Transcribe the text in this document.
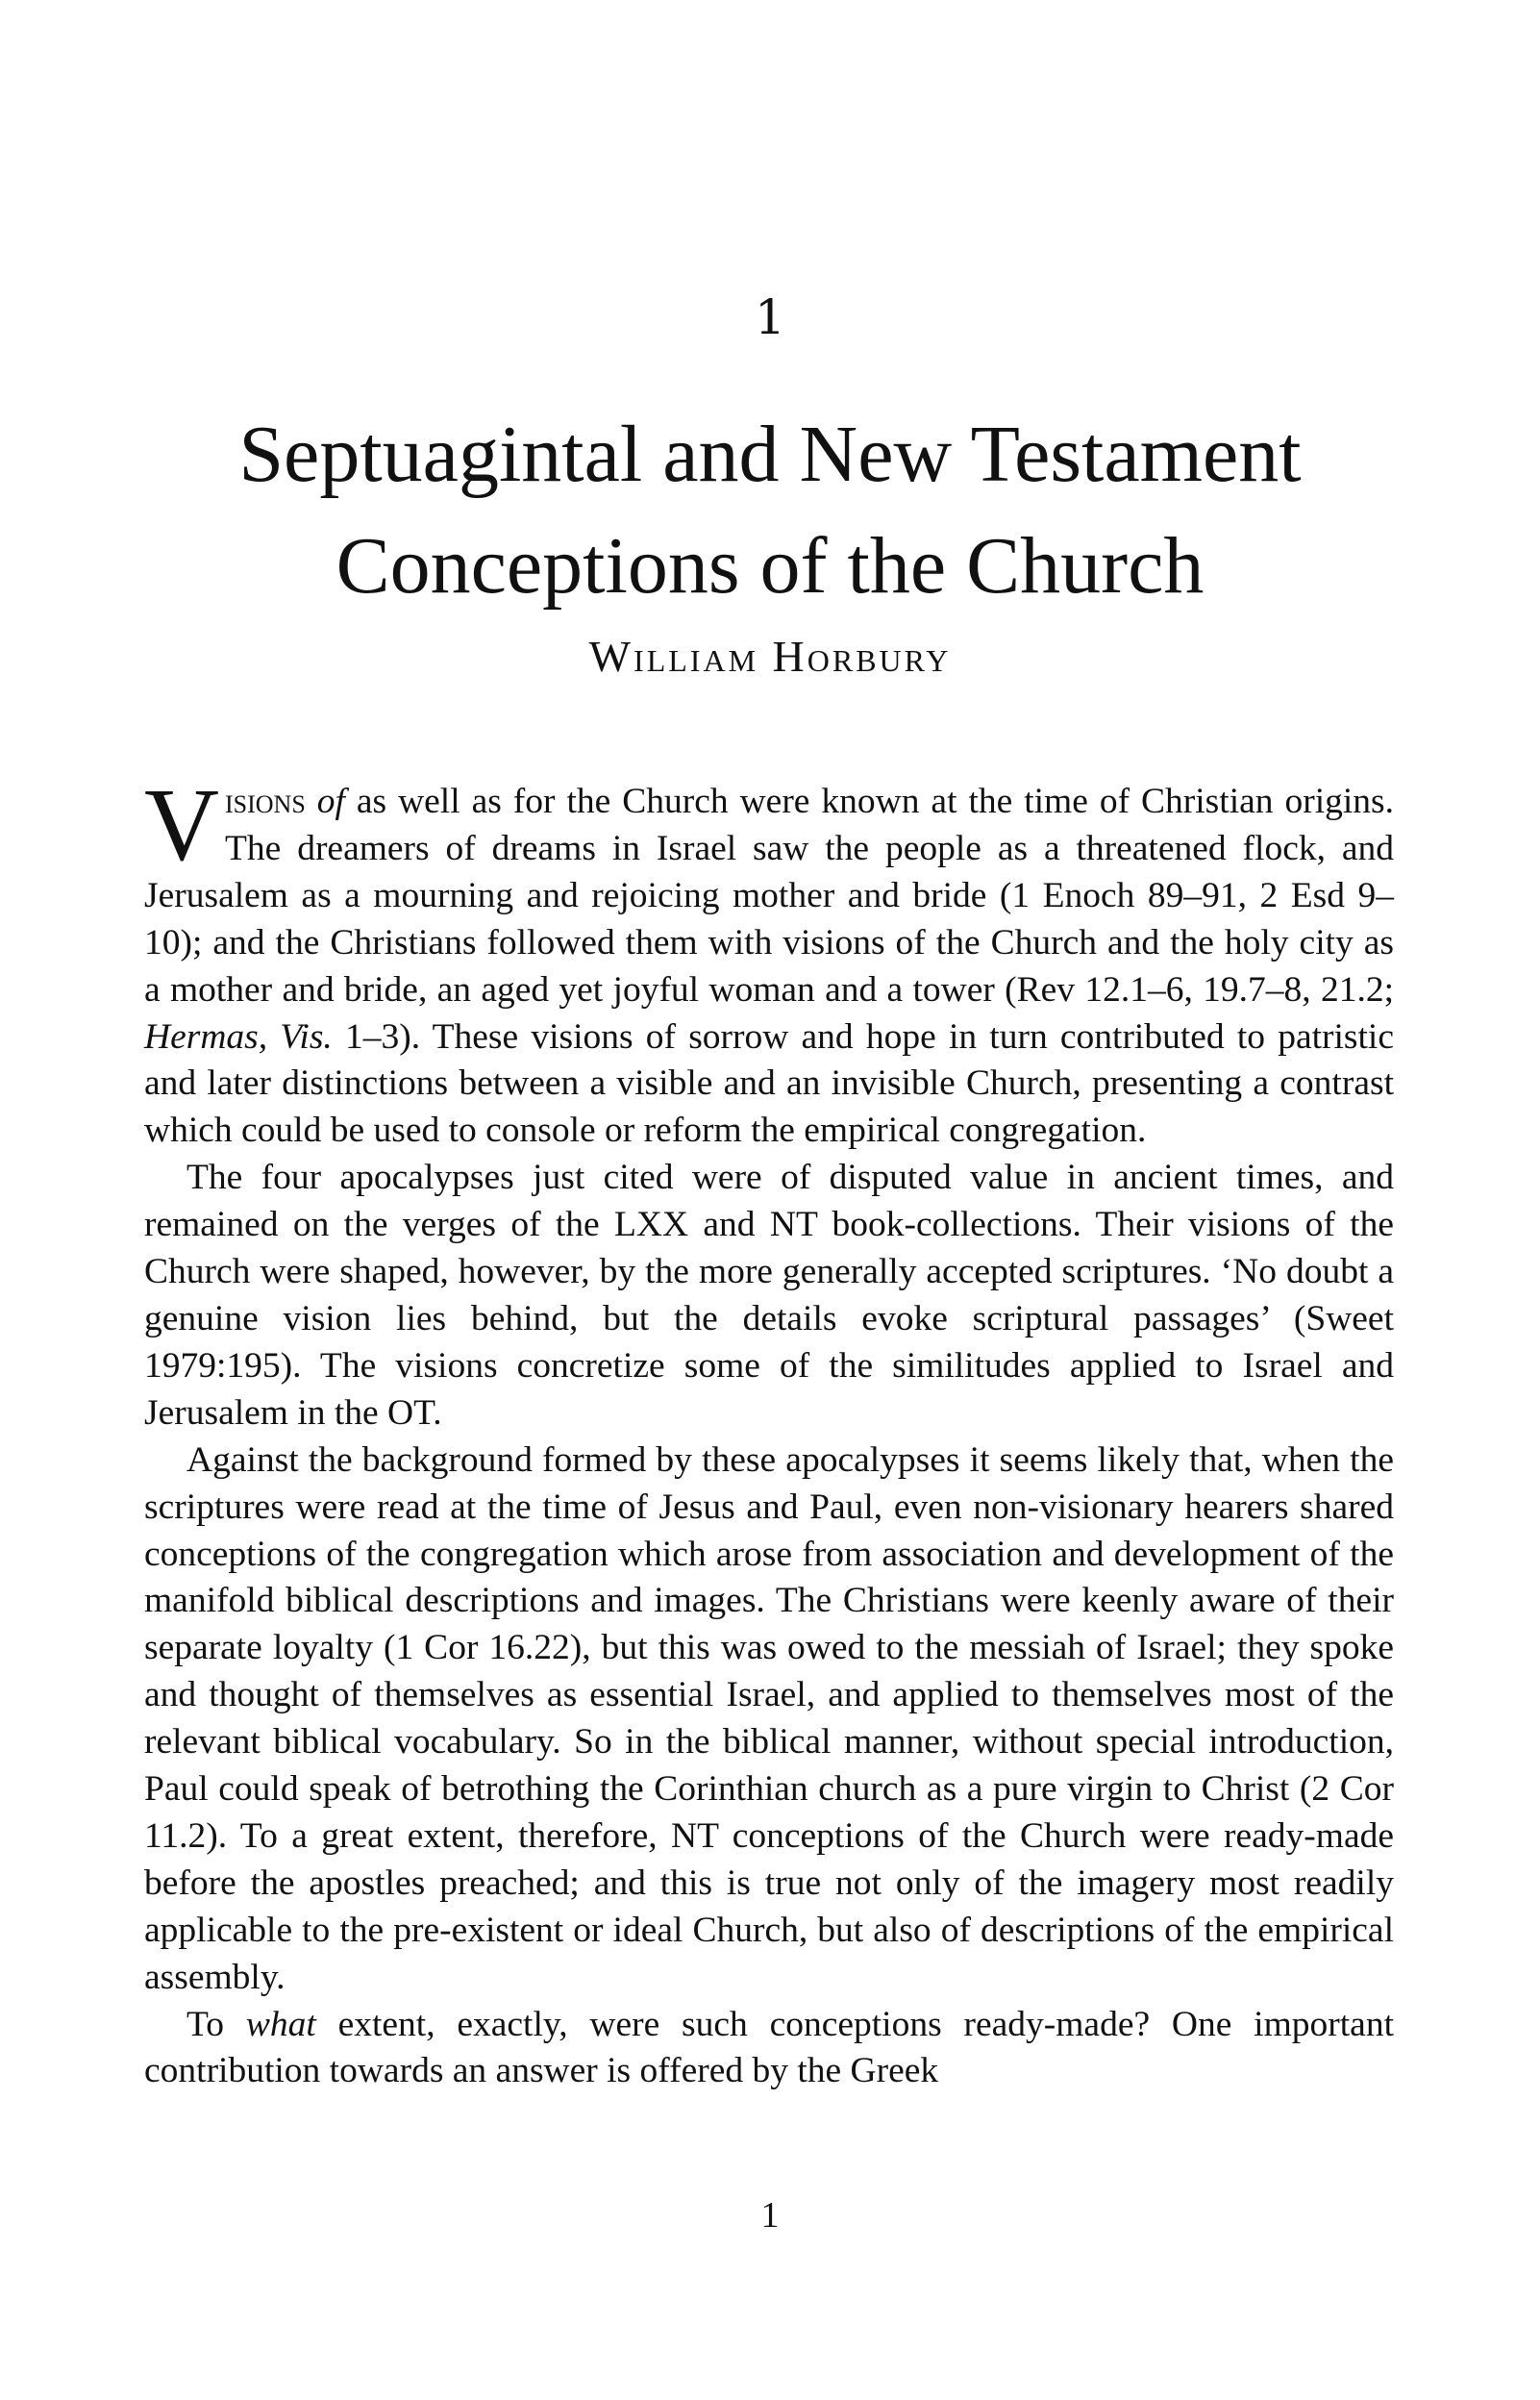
1
Septuagintal and New Testament
Conceptions of the Church
William Horbury

Visions of as well as for the Church were known at the time of Christian origins. The dreamers of dreams in Israel saw the people as a threatened flock, and Jerusalem as a mourning and rejoicing mother and bride (1 Enoch 89–91, 2 Esd 9–10); and the Christians followed them with visions of the Church and the holy city as a mother and bride, an aged yet joyful woman and a tower (Rev 12.1–6, 19.7–8, 21.2; Hermas, Vis. 1–3). These visions of sorrow and hope in turn contributed to patristic and later distinctions between a visible and an invisible Church, presenting a contrast which could be used to console or reform the empirical congregation.

The four apocalypses just cited were of disputed value in ancient times, and remained on the verges of the LXX and NT book-collections. Their visions of the Church were shaped, however, by the more generally accepted scriptures. ‘No doubt a genuine vision lies behind, but the details evoke scriptural passages’ (Sweet 1979:195). The visions concretize some of the similitudes applied to Israel and Jerusalem in the OT.

Against the background formed by these apocalypses it seems likely that, when the scriptures were read at the time of Jesus and Paul, even non-visionary hearers shared conceptions of the congregation which arose from association and development of the manifold biblical descriptions and images. The Christians were keenly aware of their separate loyalty (1 Cor 16.22), but this was owed to the messiah of Israel; they spoke and thought of themselves as essential Israel, and applied to themselves most of the relevant biblical vocabulary. So in the biblical manner, without special introduction, Paul could speak of betrothing the Corinthian church as a pure virgin to Christ (2 Cor 11.2). To a great extent, therefore, NT conceptions of the Church were ready-made before the apostles preached; and this is true not only of the imagery most readily applicable to the pre-existent or ideal Church, but also of descriptions of the empirical assembly.

To what extent, exactly, were such conceptions ready-made? One important contribution towards an answer is offered by the Greek

1
